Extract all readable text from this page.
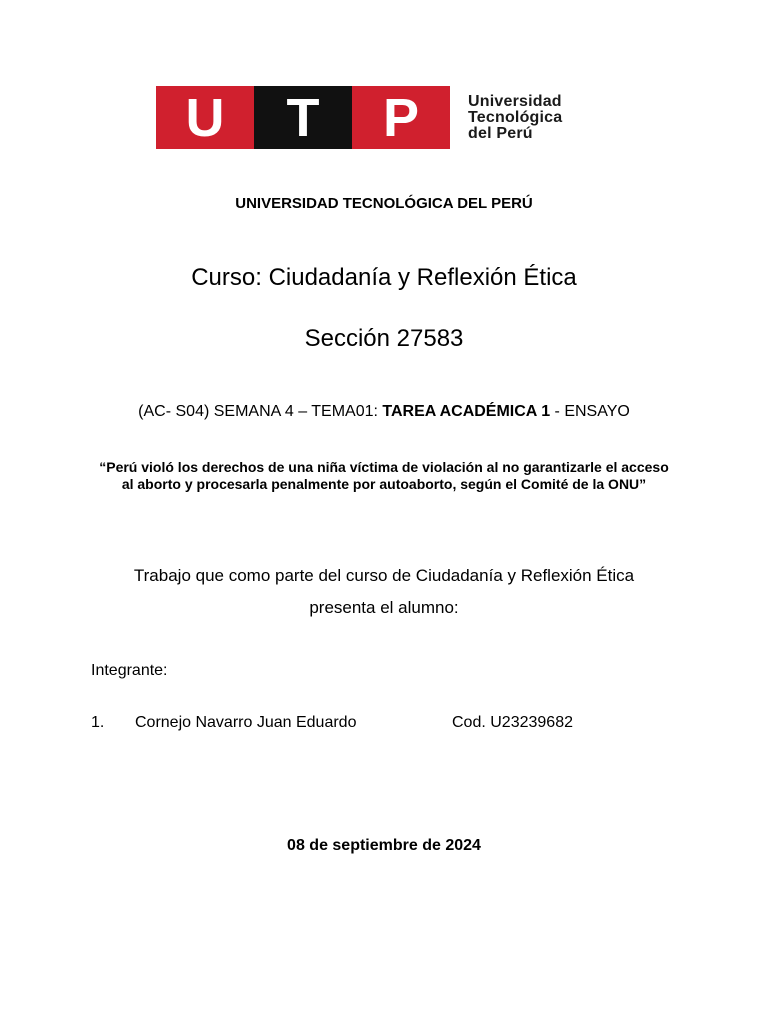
U	T	P	Universidad
Tecnológica
del Perú
UNIVERSIDAD TECNOLÓGICA DEL PERÚ
Curso: Ciudadanía y Reflexión Ética
Sección 27583
(AC- S04) SEMANA 4 – TEMA01: TAREA ACADÉMICA 1 - ENSAYO
“Perú violó los derechos de una niña víctima de violación al no garantizarle el acceso al aborto y procesarla penalmente por autoaborto, según el Comité de la ONU”
Trabajo que como parte del curso de Ciudadanía y Reflexión Ética
presenta el alumno:
Integrante:
1. Cornejo Navarro Juan Eduardo	Cod. U23239682
08 de septiembre de 2024
